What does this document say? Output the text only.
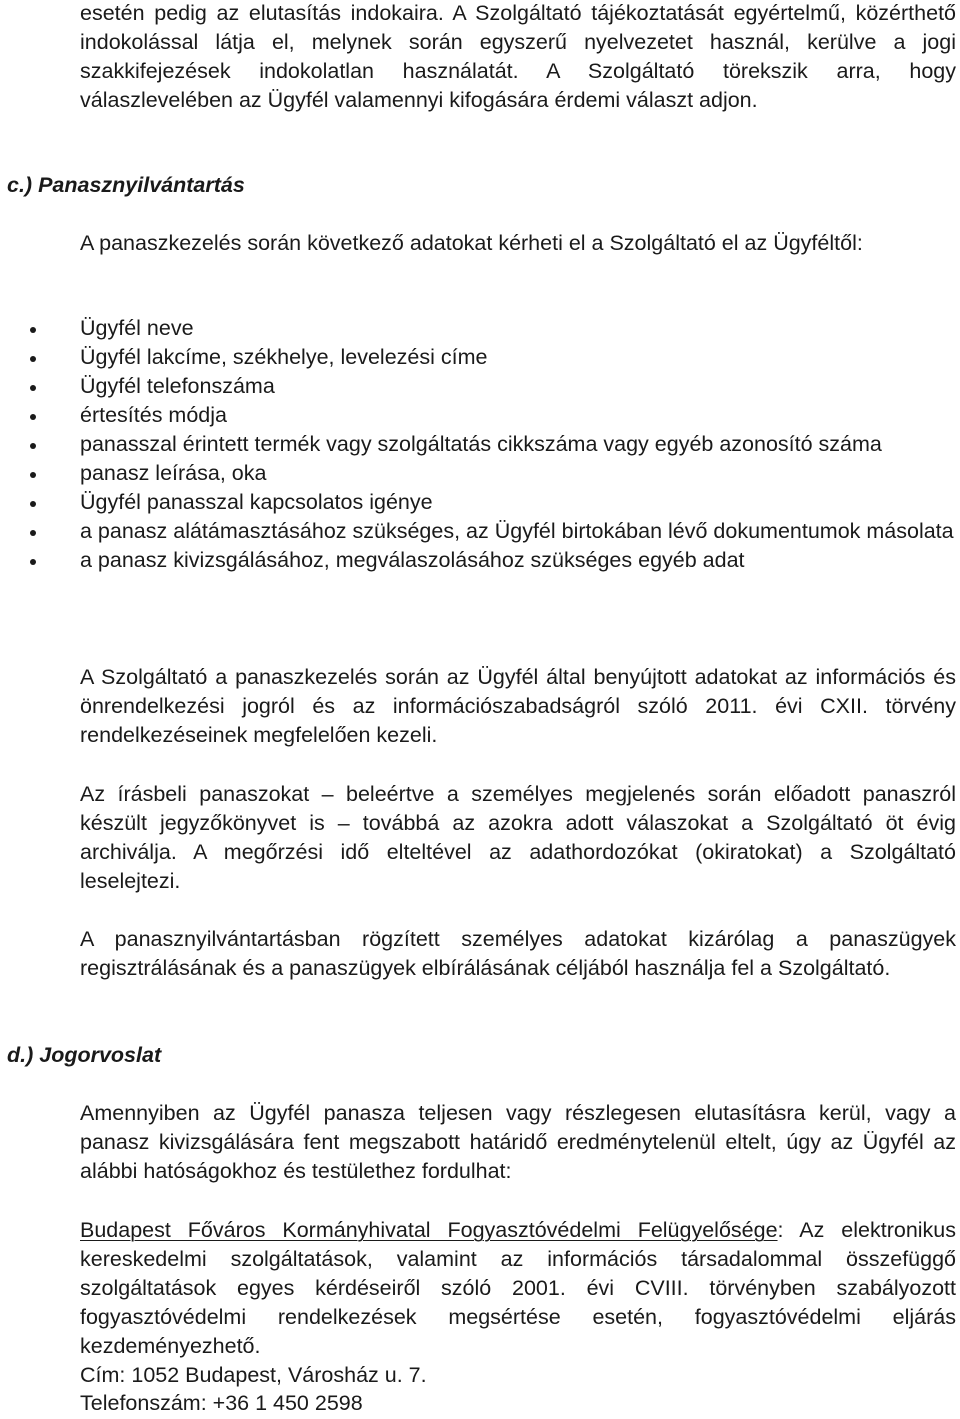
esetén pedig az elutasítás indokaira. A Szolgáltató tájékoztatását egyértelmű, közérthető indokolással látja el, melynek során egyszerű nyelvezetet használ, kerülve a jogi szakkifejezések indokolatlan használatát. A Szolgáltató törekszik arra, hogy válaszlevelében az Ügyfél valamennyi kifogására érdemi választ adjon.

c.) Panasznyilvántartás

A panaszkezelés során következő adatokat kérheti el a Szolgáltató el az Ügyféltől:

Ügyfél neve
Ügyfél lakcíme, székhelye, levelezési címe
Ügyfél telefonszáma
értesítés módja
panasszal érintett termék vagy szolgáltatás cikkszáma vagy egyéb azonosító száma
panasz leírása, oka
Ügyfél panasszal kapcsolatos igénye
a panasz alátámasztásához szükséges, az Ügyfél birtokában lévő dokumentumok másolata
a panasz kivizsgálásához, megválaszolásához szükséges egyéb adat

A Szolgáltató a panaszkezelés során az Ügyfél által benyújtott adatokat az információs és önrendelkezési jogról és az információszabadságról szóló 2011. évi CXII. törvény rendelkezéseinek megfelelően kezeli.

Az írásbeli panaszokat – beleértve a személyes megjelenés során előadott panaszról készült jegyzőkönyvet is – továbbá az azokra adott válaszokat a Szolgáltató öt évig archiválja. A megőrzési idő elteltével az adathordozókat (okiratokat) a Szolgáltató leselejtezi.

A panasznyilvántartásban rögzített személyes adatokat kizárólag a panaszügyek regisztrálásának és a panaszügyek elbírálásának céljából használja fel a Szolgáltató.

d.) Jogorvoslat

Amennyiben az Ügyfél panasza teljesen vagy részlegesen elutasításra kerül, vagy a panasz kivizsgálására fent megszabott határidő eredménytelenül eltelt, úgy az Ügyfél az alábbi hatóságokhoz és testülethez fordulhat:

Budapest Főváros Kormányhivatal Fogyasztóvédelmi Felügyelősége: Az elektronikus kereskedelmi szolgáltatások, valamint az információs társadalommal összefüggő szolgáltatások egyes kérdéseiről szóló 2001. évi CVIII. törvényben szabályozott fogyasztóvédelmi rendelkezések megsértése esetén, fogyasztóvédelmi eljárás kezdeményezhető.

Cím: 1052 Budapest, Városház u. 7.

Telefonszám: +36 1 450 2598
